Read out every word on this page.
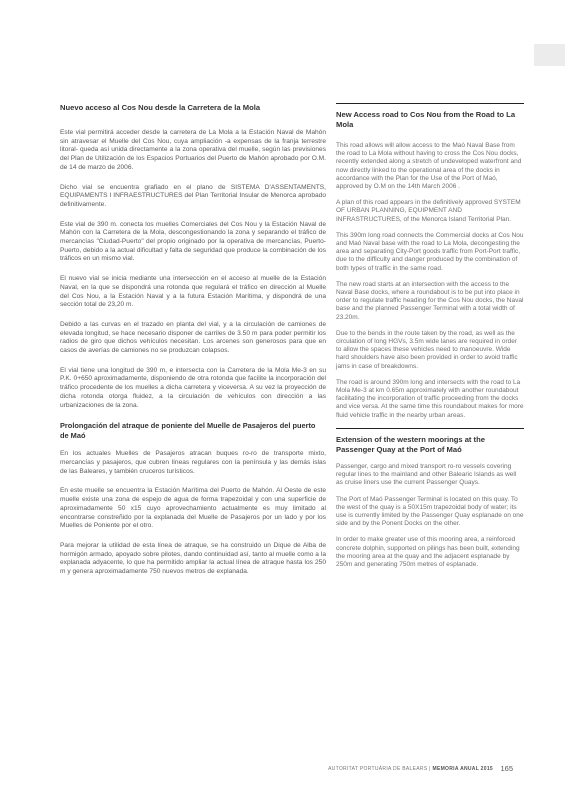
Nuevo acceso al Cos Nou desde la Carretera de la Mola

Este vial permitirá acceder desde la carretera de La Mola a la Estación Naval de Mahón sin atravesar el Muelle del Cos Nou, cuya ampliación -a expensas de la franja terrestre litoral- queda así unida directamente a la zona operativa del muelle, según las previsiones del Plan de Utilización de los Espacios Portuarios del Puerto de Mahón aprobado por O.M. de 14 de marzo de 2006.

Dicho vial se encuentra grafiado en el plano de SISTEMA D'ASSENTAMENTS, EQUIPAMENTS I INFRAESTRUCTURES del Plan Territorial Insular de Menorca aprobado definitivamente.

Este vial de 390 m. conecta los muelles Comerciales del Cos Nou y la Estación Naval de Mahón con la Carretera de la Mola, descongestionando la zona y separando el tráfico de mercancías "Ciudad-Puerto" del propio originado por la operativa de mercancías, Puerto-Puerto, debido a la actual dificultad y falta de seguridad que produce la combinación de los tráficos en un mismo vial.

El nuevo vial se inicia mediante una intersección en el acceso al muelle de la Estación Naval, en la que se dispondrá una rotonda que regulará el tráfico en dirección al Muelle del Cos Nou, a la Estación Naval y a la futura Estación Marítima, y dispondrá de una sección total de 23,20 m.

Debido a las curvas en el trazado en planta del vial, y a la circulación de camiones de elevada longitud, se hace necesario disponer de carriles de 3.50 m para poder permitir los radios de giro que dichos vehículos necesitan. Los arcenes son generosos para que en casos de averías de camiones no se produzcan colapsos.

El vial tiene una longitud de 390 m, e intersecta con la Carretera de la Mola Me-3 en su P.K. 0+650 aproximadamente, disponiendo de otra rotonda que facilite la incorporación del tráfico procedente de los muelles a dicha carretera y viceversa. A su vez la proyección de dicha rotonda otorga fluidez, a la circulación de vehículos con dirección a las urbanizaciones de la zona.

Prolongación del atraque de poniente del Muelle de Pasajeros del puerto de Maó

En los actuales Muelles de Pasajeros atracan buques ro-ro de transporte mixto, mercancías y pasajeros, que cubren líneas regulares con la península y las demás islas de las Baleares, y también cruceros turísticos.

En este muelle se encuentra la Estación Marítima del Puerto de Mahón. Al Oeste de este muelle existe una zona de espejo de agua de forma trapezoidal y con una superficie de aproximadamente 50 x15 cuyo aprovechamiento actualmente es muy limitado al encontrarse constreñido por la explanada del Muelle de Pasajeros por un lado y por los Muelles de Poniente por el otro.

Para mejorar la utilidad de esta línea de atraque, se ha construido un Dique de Alba de hormigón armado, apoyado sobre pilotes, dando continuidad así, tanto al muelle como a la explanada adyacente, lo que ha permitido ampliar la actual línea de atraque hasta los 250 m y genera aproximadamente 750 nuevos metros de explanada.

New Access road to Cos Nou from the Road to La Mola

This road allows will allow access to the Maó Naval Base from the road to La Mola without having to cross the Cos Nou docks, recently extended along a stretch of undeveloped waterfront and now directly linked to the operational area of the docks in accordance with the Plan for the Use of the Port of Maó, approved by O.M on the 14th March 2006 .

A plan of this road appears in the definitively approved SYSTEM OF URBAN PLANNING, EQUIPMENT AND INFRASTRUCTURES, of the Menorca Island Territorial Plan.

This 390m long road connects the Commercial docks at Cos Nou and Maó Naval base with the road to La Mola, decongesting the area and separating City-Port goods traffic from Port-Port traffic, due to the difficulty and danger produced by the combination of both types of traffic in the same road.

The new road starts at an intersection with the access to the Naval Base docks, where a roundabout is to be put into place in order to regulate traffic heading for the Cos Nou docks, the Naval base and the planned Passenger Terminal with a total width of 23.20m.

Due to the bends in the route taken by the road, as well as the circulation of long HGVs, 3.5m wide lanes are required in order to allow the spaces these vehicles need to manoeuvre. Wide hard shoulders have also been provided in order to avoid traffic jams in case of breakdowns.

The road is around 390m long and intersects with the road to La Mola Me-3 at km 0.65m approximately with another roundabout facilitating the incorporation of traffic proceeding from the docks and vice versa. At the same time this roundabout makes for more fluid vehicle traffic in the nearby urban areas.

Extension of the western moorings at the Passenger Quay at the Port of Maó

Passenger, cargo and mixed transport ro-ro vessels covering regular lines to the mainland and other Balearic Islands as well as cruise liners use the current Passenger Quays.

The Port of Maó Passenger Terminal is located on this quay. To the west of the quay is a 50X15m trapezoidal body of water; its use is currently limited by the Passenger Quay esplanade on one side and by the Ponent Docks on the other.

In order to make greater use of this mooring area, a reinforced concrete dolphin, supported on pilings has been built, extending the mooring area at the quay and the adjacent esplanade by 250m and generating 750m metres of esplanade.

AUTORITAT PORTUÀRIA DE BALEARS | MEMORIA ANUAL 2015 165
